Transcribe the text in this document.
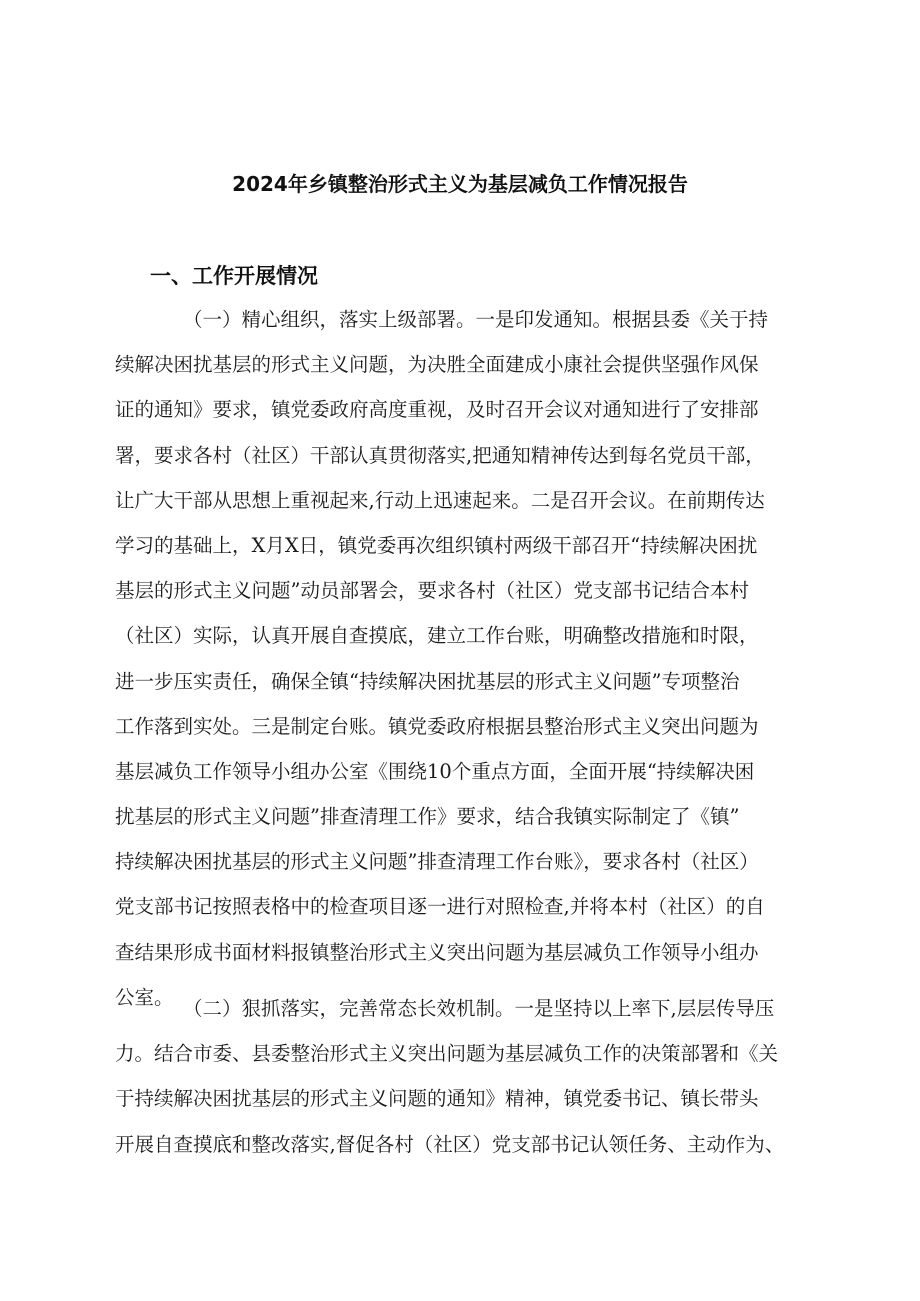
2024年乡镇整治形式主义为基层减负工作情况报告
一、工作开展情况
（一）精心组织，落实上级部署。一是印发通知。根据县委《关于持
续解决困扰基层的形式主义问题，为决胜全面建成小康社会提供坚强作风保
证的通知》要求，镇党委政府高度重视，及时召开会议对通知进行了安排部
署，要求各村（社区）干部认真贯彻落实,把通知精神传达到每名党员干部，
让广大干部从思想上重视起来,行动上迅速起来。二是召开会议。在前期传达
学习的基础上，X月X日，镇党委再次组织镇村两级干部召开“持续解决困扰
基层的形式主义问题”动员部署会，要求各村（社区）党支部书记结合本村
（社区）实际，认真开展自查摸底，建立工作台账，明确整改措施和时限，
进一步压实责任，确保全镇“持续解决困扰基层的形式主义问题”专项整治
工作落到实处。三是制定台账。镇党委政府根据县整治形式主义突出问题为
基层减负工作领导小组办公室《围绕10个重点方面，全面开展“持续解决困
扰基层的形式主义问题”排查清理工作》要求，结合我镇实际制定了《镇”
持续解决困扰基层的形式主义问题”排查清理工作台账》，要求各村（社区）
党支部书记按照表格中的检查项目逐一进行对照检查,并将本村（社区）的自
查结果形成书面材料报镇整治形式主义突出问题为基层减负工作领导小组办
公室。 （二）狠抓落实，完善常态长效机制。一是坚持以上率下,层层传导压
力。结合市委、县委整治形式主义突出问题为基层减负工作的决策部署和《关
于持续解决困扰基层的形式主义问题的通知》精神，镇党委书记、镇长带头
开展自查摸底和整改落实,督促各村（社区）党支部书记认领任务、主动作为、
